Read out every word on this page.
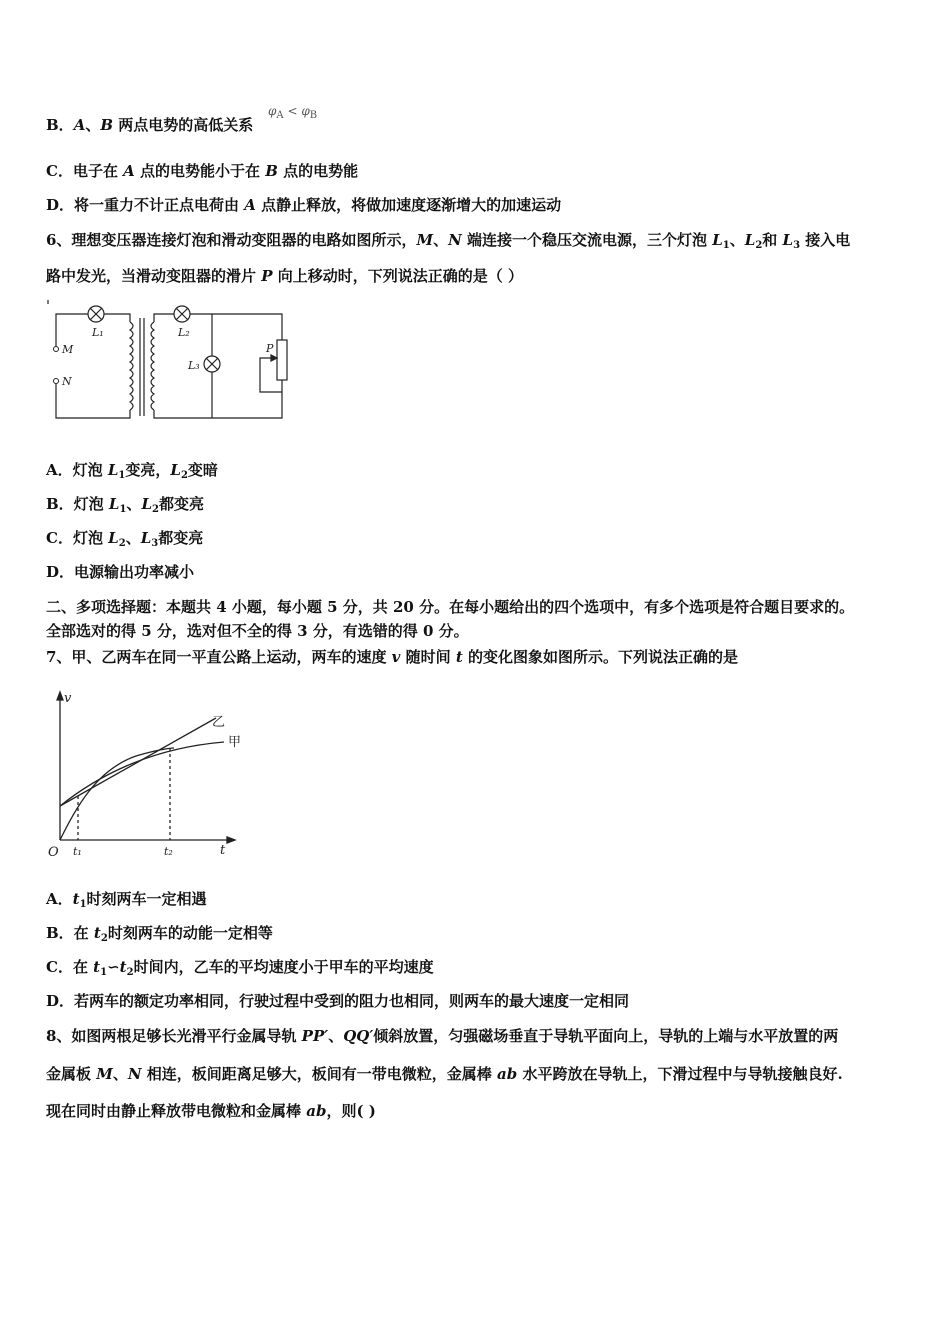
B．A、B 两点电势的高低关系
$\varphi_A < \varphi_B$
C．电子在 A 点的电势能小于在 B 点的电势能
D．将一重力不计正点电荷由 A 点静止释放，将做加速度逐渐增大的加速运动
6、理想变压器连接灯泡和滑动变阻器的电路如图所示，M、N 端连接一个稳压交流电源，三个灯泡 $L_1$、$L_2$和 $L_3$ 接入电
路中发光，当滑动变阻器的滑片 P 向上移动时，下列说法正确的是（ ）
L₁	L₂
L₃
M
N
P
A．灯泡 $L_1$变亮，$L_2$变暗
B．灯泡 $L_1$、$L_2$都变亮
C．灯泡 $L_2$、$L_3$都变亮
D．电源输出功率减小
二、多项选择题：本题共 4 小题，每小题 5 分，共 20 分。在每小题给出的四个选项中，有多个选项是符合题目要求的。
全部选对的得 5 分，选对但不全的得 3 分，有选错的得 0 分。
7、甲、乙两车在同一平直公路上运动，两车的速度 v 随时间 t 的变化图象如图所示。下列说法正确的是
v
t
O t₁	t₂
乙
甲
A．$t_1$时刻两车一定相遇
B．在 $t_2$时刻两车的动能一定相等
C．在 $t_1∽t_2$时间内，乙车的平均速度小于甲车的平均速度
D．若两车的额定功率相同，行驶过程中受到的阻力也相同，则两车的最大速度一定相同
8、如图两根足够长光滑平行金属导轨 PP′、QQ′倾斜放置，匀强磁场垂直于导轨平面向上，导轨的上端与水平放置的两
金属板 M、N 相连，板间距离足够大，板间有一带电微粒，金属棒 ab 水平跨放在导轨上，下滑过程中与导轨接触良好.
现在同时由静止释放带电微粒和金属棒 ab，则( )
